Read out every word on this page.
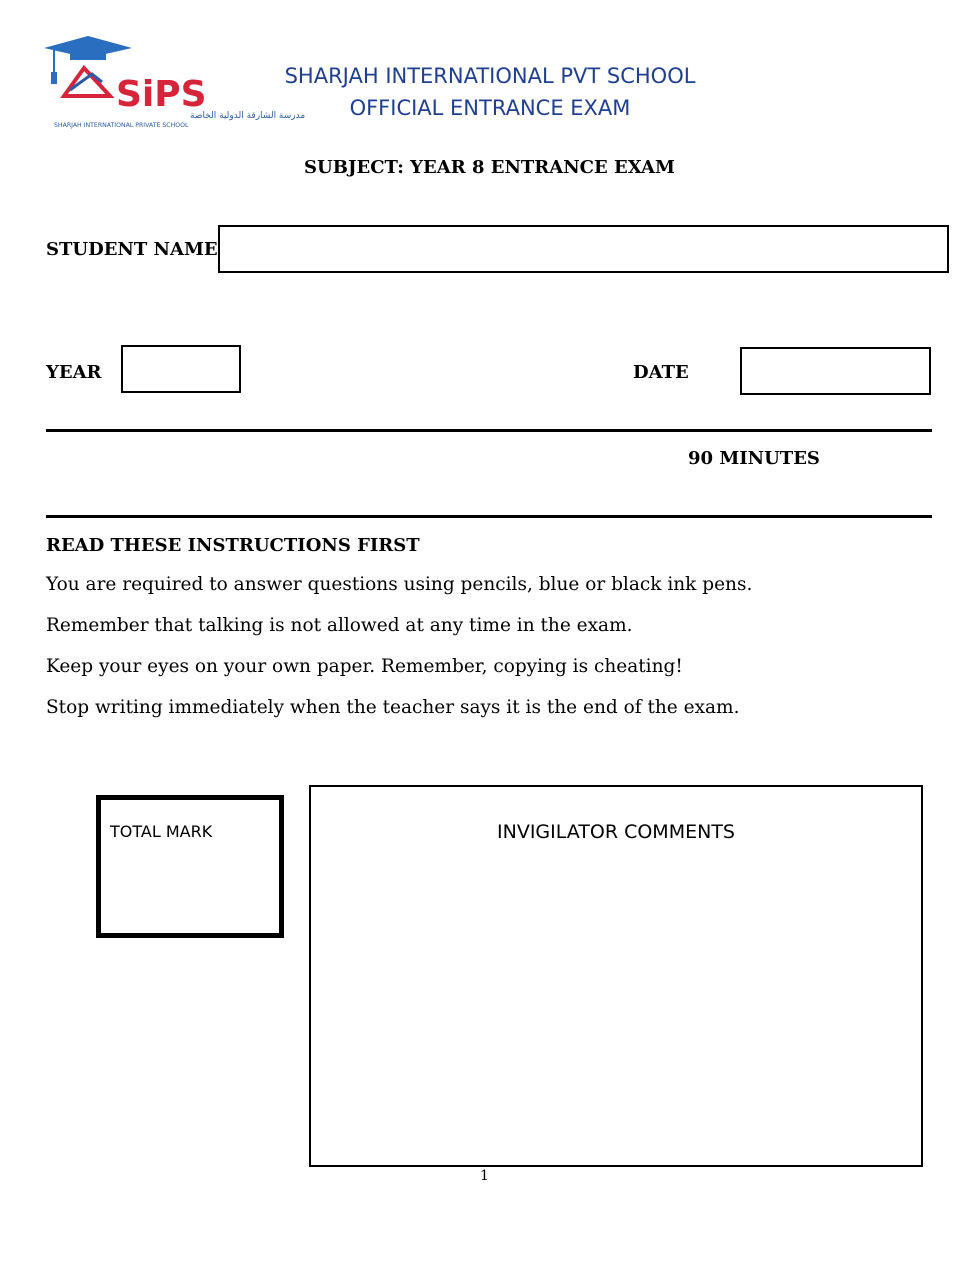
SiPS
مدرسة الشارقة الدولية الخاصة
SHARJAH INTERNATIONAL PRIVATE SCHOOL
SHARJAH INTERNATIONAL PVT SCHOOL
OFFICIAL ENTRANCE EXAM
SUBJECT: YEAR 8 ENTRANCE EXAM
STUDENT NAME
YEAR	DATE
90 MINUTES
READ THESE INSTRUCTIONS FIRST
You are required to answer questions using pencils, blue or black ink pens.
Remember that talking is not allowed at any time in the exam.
Keep your eyes on your own paper. Remember, copying is cheating!
Stop writing immediately when the teacher says it is the end of the exam.
TOTAL MARK	INVIGILATOR COMMENTS
1
